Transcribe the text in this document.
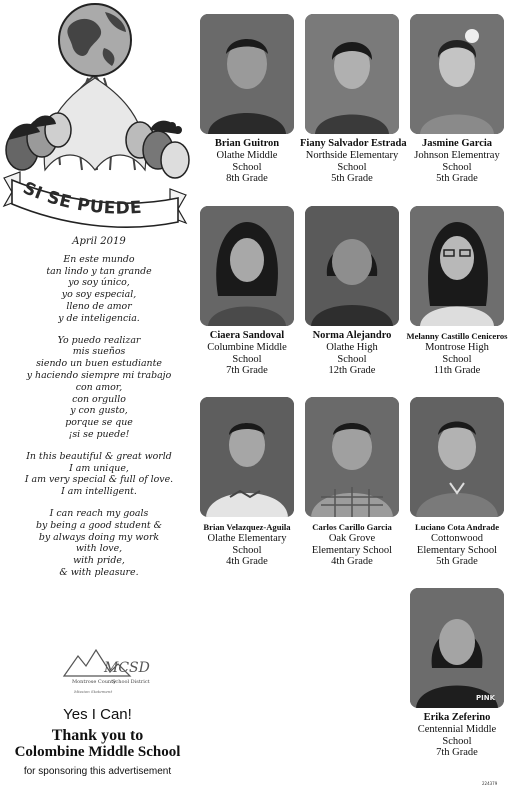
SI SE PUEDE
April 2019
En este mundo
tan lindo y tan grande
yo soy único,
yo soy especial,
lleno de amor
y de inteligencia.
Yo puedo realizar
mis sueños
siendo un buen estudiante
y haciendo siempre mi trabajo
con amor,
con orgullo
y con gusto,
porque se que
¡si se puede!
In this beautiful & great world
I am unique,
I am very special & full of love.
I am intelligent.
I can reach my goals
by being a good student &
by always doing my work
with love,
with pride,
& with pleasure.
MCSD
Montrose County
School District
Mission Statement
Yes I Can!
Thank you to
Colombine Middle School
for sponsoring this advertisement
Brian Guitron
Olathe Middle
School
8th Grade
Fiany Salvador Estrada
Northside Elementary
School
5th Grade
Jasmine Garcia
Johnson Elementray
School
5th Grade
Ciaera Sandoval
Columbine Middle
School
7th Grade
Norma Alejandro
Olathe High
School
12th Grade
Melanny Castillo Ceniceros
Montrose High
School
11th Grade
Brian Velazquez-Aguila
Olathe Elementary
School
4th Grade
Carlos Carillo Garcia
Oak Grove
Elementary School
4th Grade
Luciano Cota Andrade
Cottonwood
Elementary School
5th Grade
PINK
Erika Zeferino
Centennial Middle
School
7th Grade
224379
